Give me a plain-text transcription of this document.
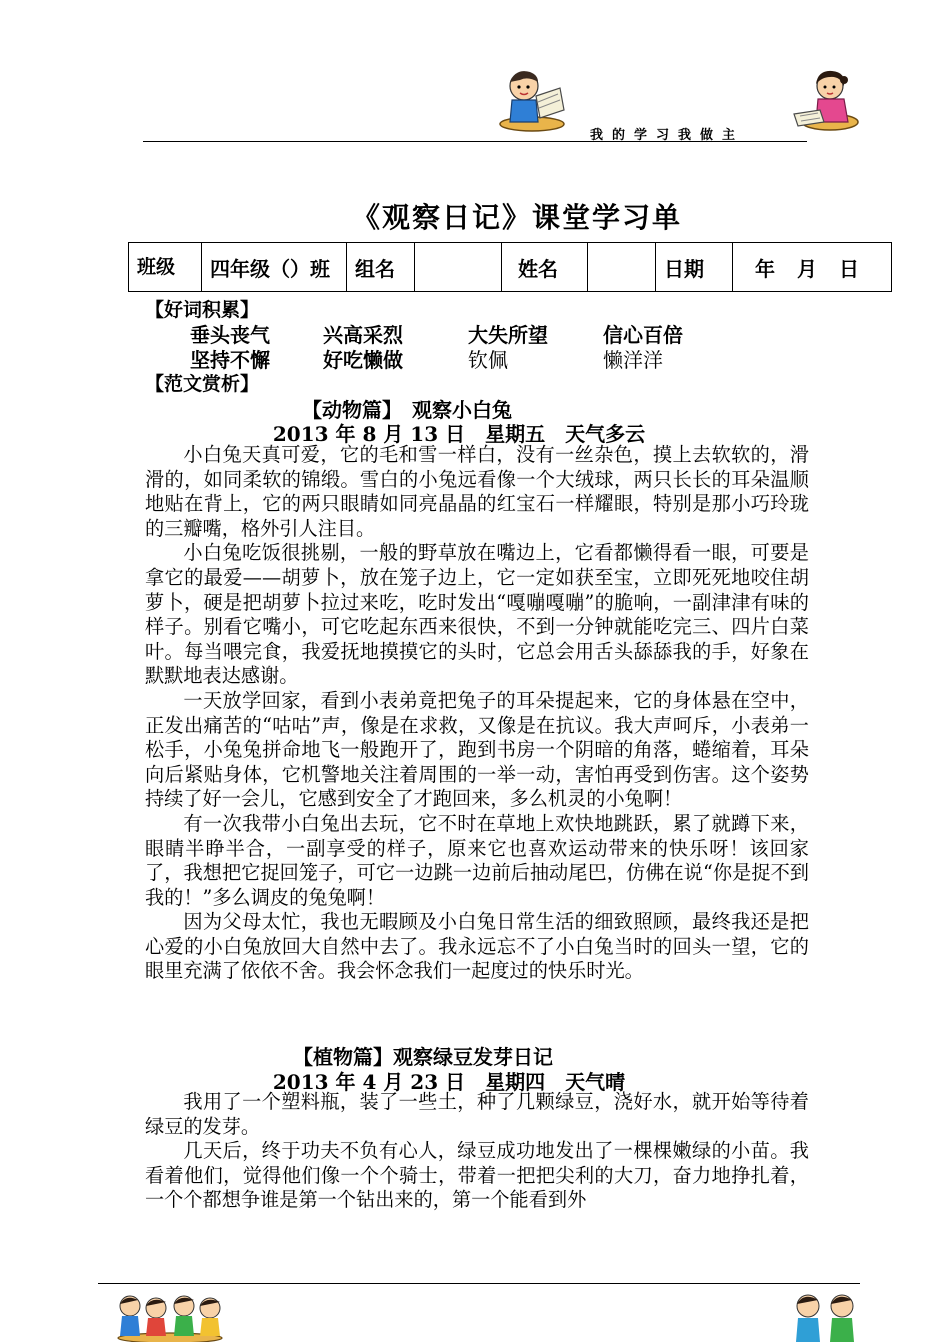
我的学习我做主
《观察日记》课堂学习单
班级	四年级（）班	组名		姓名		日期	年　月　日
【好词积累】
垂头丧气	兴高采烈	大失所望	信心百倍
坚持不懈	好吃懒做	钦佩	懒洋洋
【范文赏析】
【动物篇】　观察小白兔
2013 年 8 月 13 日　星期五　天气多云

小白兔天真可爱，它的毛和雪一样白，没有一丝杂色，摸上去软软的，滑滑的，如同柔软的锦缎。雪白的小兔远看像一个大绒球，两只长长的耳朵温顺地贴在背上，它的两只眼睛如同亮晶晶的红宝石一样耀眼，特别是那小巧玲珑的三瓣嘴，格外引人注目。

小白兔吃饭很挑剔，一般的野草放在嘴边上，它看都懒得看一眼，可要是拿它的最爱——胡萝卜，放在笼子边上，它一定如获至宝，立即死死地咬住胡萝卜，硬是把胡萝卜拉过来吃，吃时发出“嘎嘣嘎嘣”的脆响，一副津津有味的样子。别看它嘴小，可它吃起东西来很快，不到一分钟就能吃完三、四片白菜叶。每当喂完食，我爱抚地摸摸它的头时，它总会用舌头舔舔我的手，好象在默默地表达感谢。

一天放学回家，看到小表弟竟把兔子的耳朵提起来，它的身体悬在空中，正发出痛苦的“咕咕”声，像是在求救，又像是在抗议。我大声呵斥，小表弟一松手，小兔兔拼命地飞一般跑开了，跑到书房一个阴暗的角落，蜷缩着，耳朵向后紧贴身体，它机警地关注着周围的一举一动，害怕再受到伤害。这个姿势持续了好一会儿，它感到安全了才跑回来，多么机灵的小兔啊！

有一次我带小白兔出去玩，它不时在草地上欢快地跳跃，累了就蹲下来，眼睛半睁半合，一副享受的样子，原来它也喜欢运动带来的快乐呀！该回家了，我想把它捉回笼子，可它一边跳一边前后抽动尾巴，仿佛在说“你是捉不到我的！”多么调皮的兔兔啊！

因为父母太忙，我也无暇顾及小白兔日常生活的细致照顾，最终我还是把心爱的小白兔放回大自然中去了。我永远忘不了小白兔当时的回头一望，它的眼里充满了依依不舍。我会怀念我们一起度过的快乐时光。

【植物篇】观察绿豆发芽日记
2013 年 4 月 23 日　星期四　天气晴

我用了一个塑料瓶，装了一些土，种了几颗绿豆，浇好水，就开始等待着绿豆的发芽。

几天后，终于功夫不负有心人，绿豆成功地发出了一棵棵嫩绿的小苗。我看着他们，觉得他们像一个个骑士，带着一把把尖利的大刀，奋力地挣扎着，一个个都想争谁是第一个钻出来的，第一个能看到外
